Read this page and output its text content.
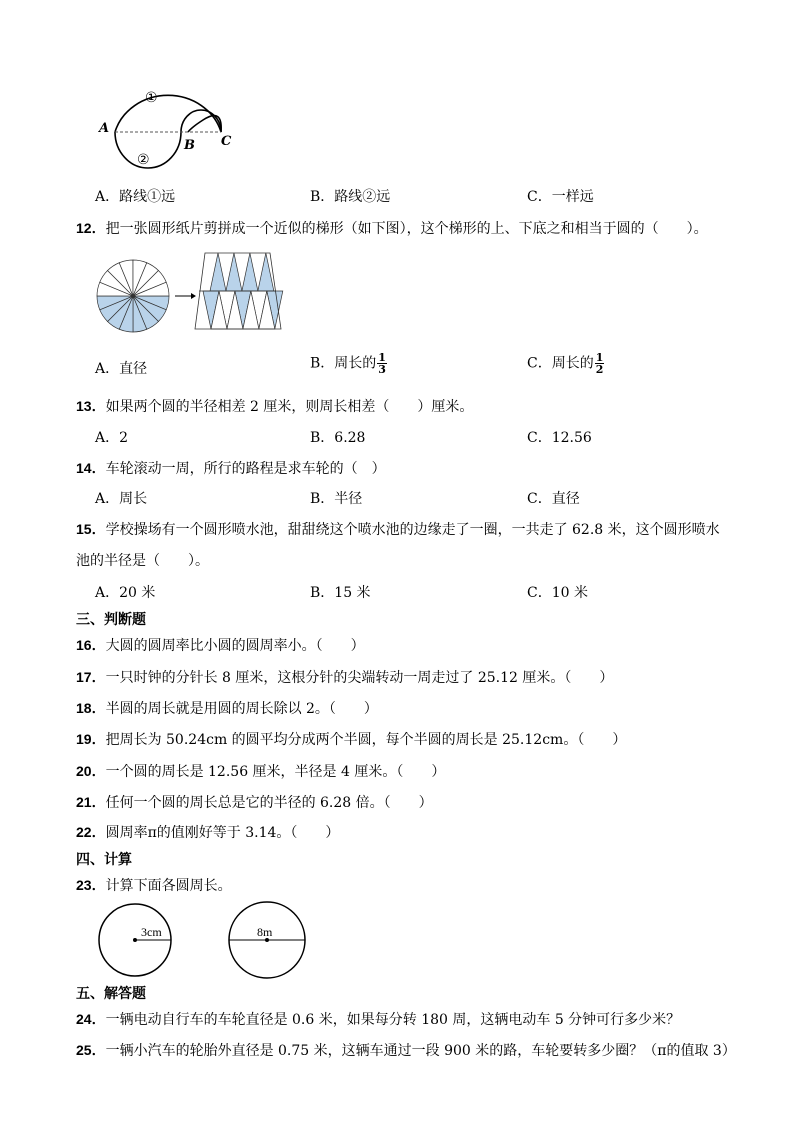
①
②
A
B C
A．路线①远	B．路线②远	C．一样远
12．把一张圆形纸片剪拼成一个近似的梯形（如下图），这个梯形的上、下底之和相当于圆的（　　）。
A．直径	B．周长的 $\frac{1}{3}$	C．周长的 $\frac{1}{2}$
13．如果两个圆的半径相差 2 厘米，则周长相差（　　）厘米。
A．2	B．6.28	C．12.56
14．车轮滚动一周，所行的路程是求车轮的（　）
A．周长	B．半径	C．直径
15．学校操场有一个圆形喷水池，甜甜绕这个喷水池的边缘走了一圈，一共走了 62.8 米，这个圆形喷水
池的半径是（　　）。
A．20 米	B．15 米	C．10 米
三、判断题
16．大圆的圆周率比小圆的圆周率小。（　　）
17．一只时钟的分针长 8 厘米，这根分针的尖端转动一周走过了 25.12 厘米。（　　）
18．半圆的周长就是用圆的周长除以 2。（　　）
19．把周长为 50.24cm 的圆平均分成两个半圆，每个半圆的周长是 25.12cm。（　　）
20．一个圆的周长是 12.56 厘米，半径是 4 厘米。（　　）
21．任何一个圆的周长总是它的半径的 6.28 倍。（　　）
22．圆周率π的值刚好等于 3.14。（　　）
四、计算
23．计算下面各圆周长。
3cm	8m
五、解答题
24．一辆电动自行车的车轮直径是 0.6 米，如果每分转 180 周，这辆电动车 5 分钟可行多少米？
25．一辆小汽车的轮胎外直径是 0.75 米，这辆车通过一段 900 米的路，车轮要转多少圈？（π的值取 3）
